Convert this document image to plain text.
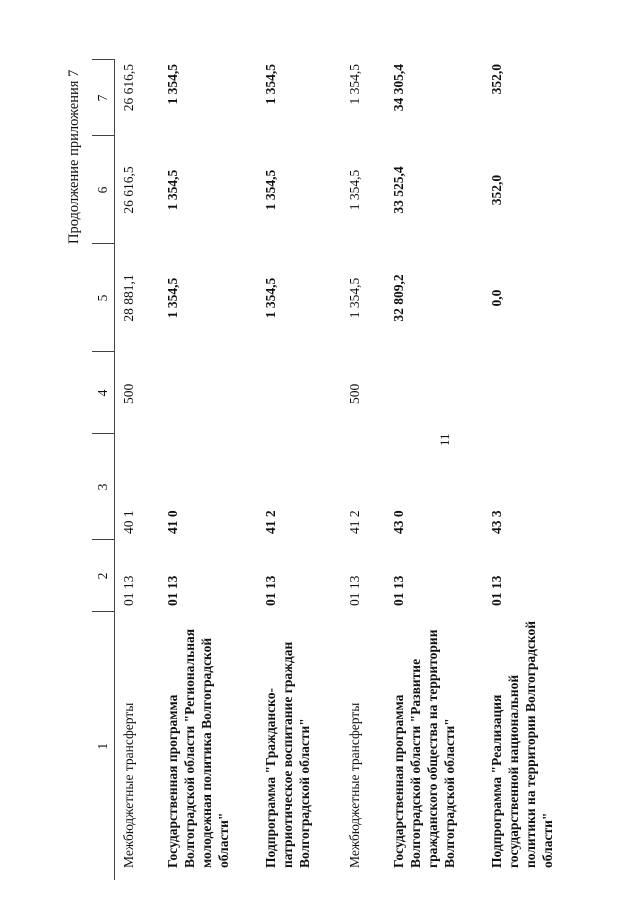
11
Продолжение приложения 7
1	2	3	4	5	6	7
Межбюджетные трансферты	01 13	40 1	500	28 881,1	26 616,5	26 616,5
Государственная программа Волгоградской области "Региональная молодежная политика Волгоградской области"	01 13	41 0		1 354,5	1 354,5	1 354,5
Подпрограмма "Гражданско-патриотическое воспитание граждан Волгоградской области"	01 13	41 2		1 354,5	1 354,5	1 354,5
Межбюджетные трансферты	01 13	41 2	500	1 354,5	1 354,5	1 354,5
Государственная программа Волгоградской области "Развитие гражданского общества на территории Волгоградской области"	01 13	43 0		32 809,2	33 525,4	34 305,4
Подпрограмма "Реализация государственной национальной политики на территории Волгоградской области"	01 13	43 3		0,0	352,0	352,0
